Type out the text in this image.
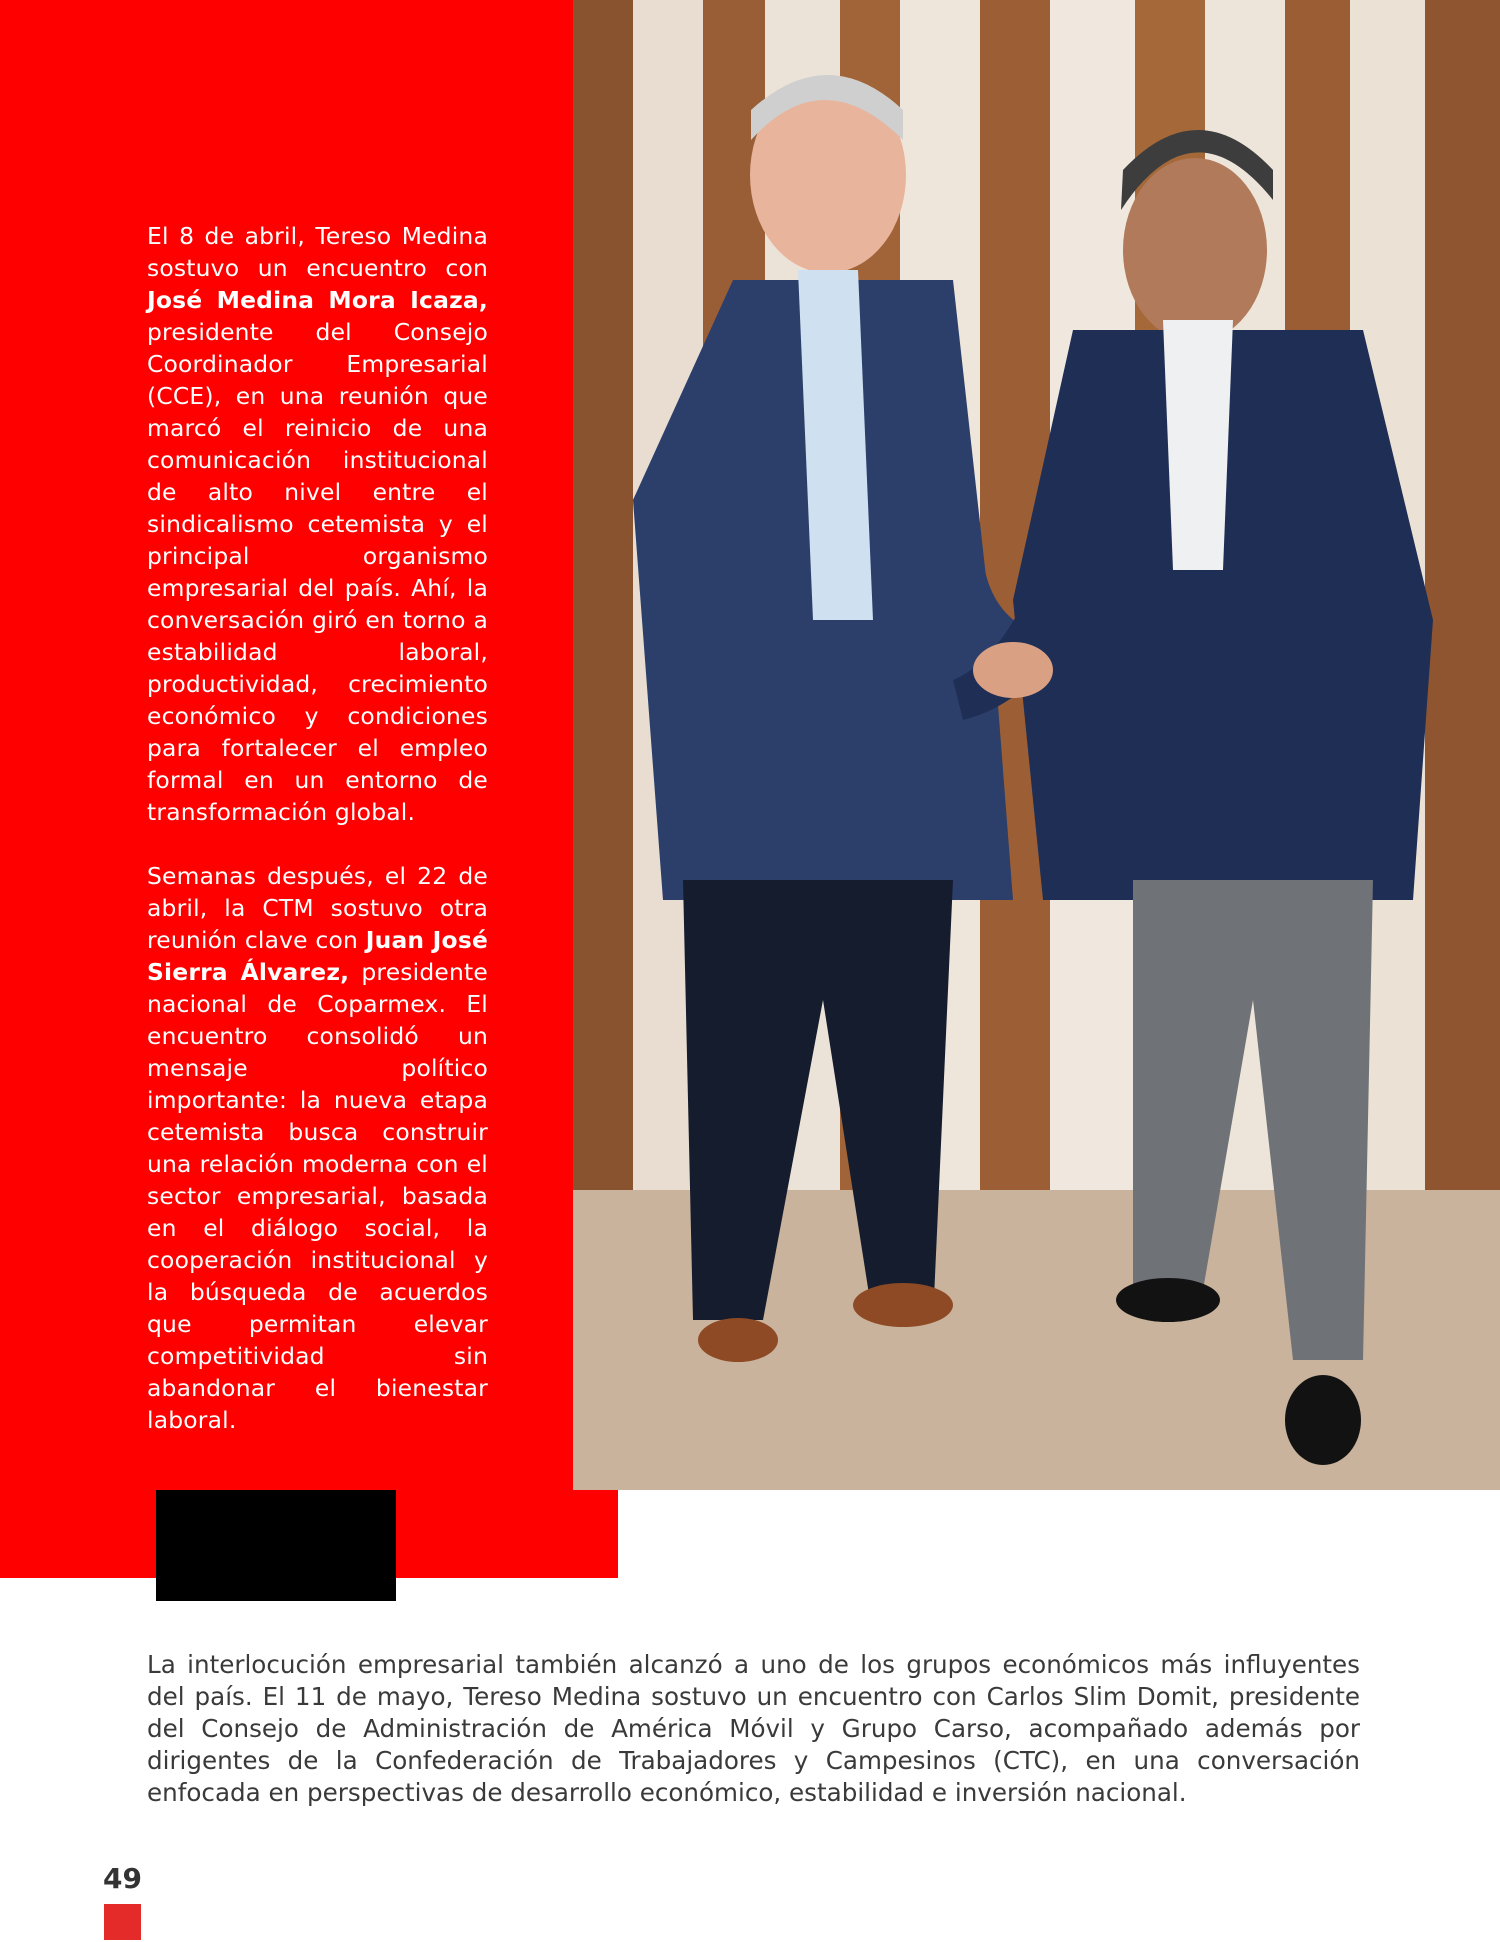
El 8 de abril, Tereso Medina sostuvo un encuentro con José Medina Mora Icaza, presidente del Consejo Coordinador Empresarial (CCE), en una reunión que marcó el reinicio de una comunicación institucional de alto nivel entre el sindicalismo cetemista y el principal organismo empresarial del país. Ahí, la conversación giró en torno a estabilidad laboral, productividad, crecimiento económico y condiciones para fortalecer el empleo formal en un entorno de transformación global.

Semanas después, el 22 de abril, la CTM sostuvo otra reunión clave con Juan José Sierra Álvarez, presidente nacional de Coparmex. El encuentro consolidó un mensaje político importante: la nueva etapa cetemista busca construir una relación moderna con el sector empresarial, basada en el diálogo social, la cooperación institucional y la búsqueda de acuerdos que permitan elevar competitividad sin abandonar el bienestar laboral.

La interlocución empresarial también alcanzó a uno de los grupos económicos más influyentes del país. El 11 de mayo, Tereso Medina sostuvo un encuentro con Carlos Slim Domit, presidente del Consejo de Administración de América Móvil y Grupo Carso, acompañado además por dirigentes de la Confederación de Trabajadores y Campesinos (CTC), en una conversación enfocada en perspectivas de desarrollo económico, estabilidad e inversión nacional.

49
